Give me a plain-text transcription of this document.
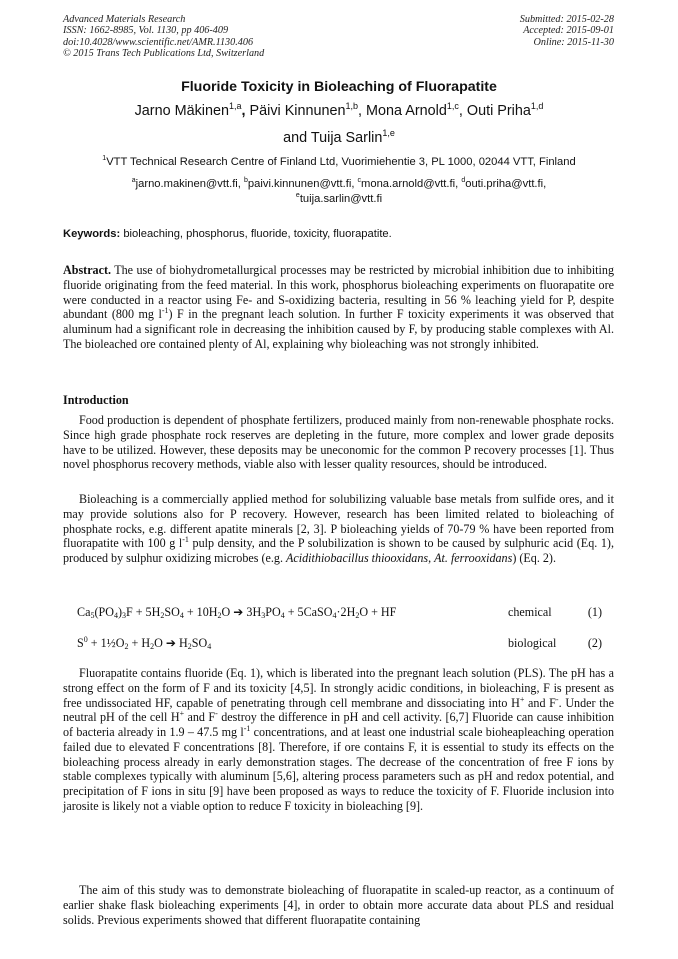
Advanced Materials Research
ISSN: 1662-8985, Vol. 1130, pp 406-409
doi:10.4028/www.scientific.net/AMR.1130.406
© 2015 Trans Tech Publications Ltd, Switzerland
Submitted: 2015-02-28
Accepted: 2015-09-01
Online: 2015-11-30
Fluoride Toxicity in Bioleaching of Fluorapatite
Jarno Mäkinen$^{1,a}$, Päivi Kinnunen$^{1,b}$, Mona Arnold$^{1,c}$, Outi Priha$^{1,d}$
and Tuija Sarlin$^{1,e}$
$^1$VTT Technical Research Centre of Finland Ltd, Vuorimiehentie 3, PL 1000, 02044 VTT, Finland
$^a$jarno.makinen@vtt.fi, $^b$paivi.kinnunen@vtt.fi, $^c$mona.arnold@vtt.fi, $^d$outi.priha@vtt.fi,
$^e$tuija.sarlin@vtt.fi
Keywords: bioleaching, phosphorus, fluoride, toxicity, fluorapatite.
Abstract. The use of biohydrometallurgical processes may be restricted by microbial inhibition due to inhibiting fluoride originating from the feed material. In this work, phosphorus bioleaching experiments on fluorapatite ore were conducted in a reactor using Fe- and S-oxidizing bacteria, resulting in 56 % leaching yield for P, despite abundant (800 mg $l^{-1}$) F in the pregnant leach solution. In further F toxicity experiments it was observed that aluminum had a significant role in decreasing the inhibition caused by F, by producing stable complexes with Al. The bioleached ore contained plenty of Al, explaining why bioleaching was not strongly inhibited.
Introduction
Food production is dependent of phosphate fertilizers, produced mainly from non-renewable phosphate rocks. Since high grade phosphate rock reserves are depleting in the future, more complex and lower grade deposits have to be utilized. However, these deposits may be uneconomic for the common P recovery processes [1]. Thus novel phosphorus recovery methods, viable also with lesser quality resources, should be introduced.
Bioleaching is a commercially applied method for solubilizing valuable base metals from sulfide ores, and it may provide solutions also for P recovery. However, research has been limited related to bioleaching of phosphate rocks, e.g. different apatite minerals [2, 3]. P bioleaching yields of 70-79 % have been reported from fluorapatite with 100 g $l^{-1}$ pulp density, and the P solubilization is shown to be caused by sulphuric acid (Eq. 1), produced by sulphur oxidizing microbes (e.g. Acidithiobacillus thiooxidans, At. ferrooxidans) (Eq. 2).
$Ca_5(PO_4)_3F + 5H_2SO_4 + 10H_2O$ ➔ $3H_3PO_4$ + $5CaSO_4\cdot 2H_2O$ + HF	chemical	(1)
$S^0$ + $1\frac{1}{2}O_2 + H_2O$ ➔ $H_2SO_4$	biological	(2)
Fluorapatite contains fluoride (Eq. 1), which is liberated into the pregnant leach solution (PLS). The pH has a strong effect on the form of F and its toxicity [4,5]. In strongly acidic conditions, in bioleaching, F is present as free undissociated HF, capable of penetrating through cell membrane and dissociating into H+ and F-. Under the neutral pH of the cell H+ and F- destroy the difference in pH and cell activity. [6,7] Fluoride can cause inhibition of bacteria already in 1.9 – 47.5 mg $l^{-1}$ concentrations, and at least one industrial scale bioheapleaching operation failed due to elevated F concentrations [8]. Therefore, if ore contains F, it is essential to study its effects on the bioleaching process already in early demonstration stages. The decrease of the concentration of free F ions by stable complexes typically with aluminum [5,6], altering process parameters such as pH and redox potential, and precipitation of F ions in situ [9] have been proposed as ways to reduce the toxicity of F. Fluoride inclusion into jarosite is likely not a viable option to reduce F toxicity in bioleaching [9].
The aim of this study was to demonstrate bioleaching of fluorapatite in scaled-up reactor, as a continuum of earlier shake flask bioleaching experiments [4], in order to obtain more accurate data about PLS and residual solids. Previous experiments showed that different fluorapatite containing
